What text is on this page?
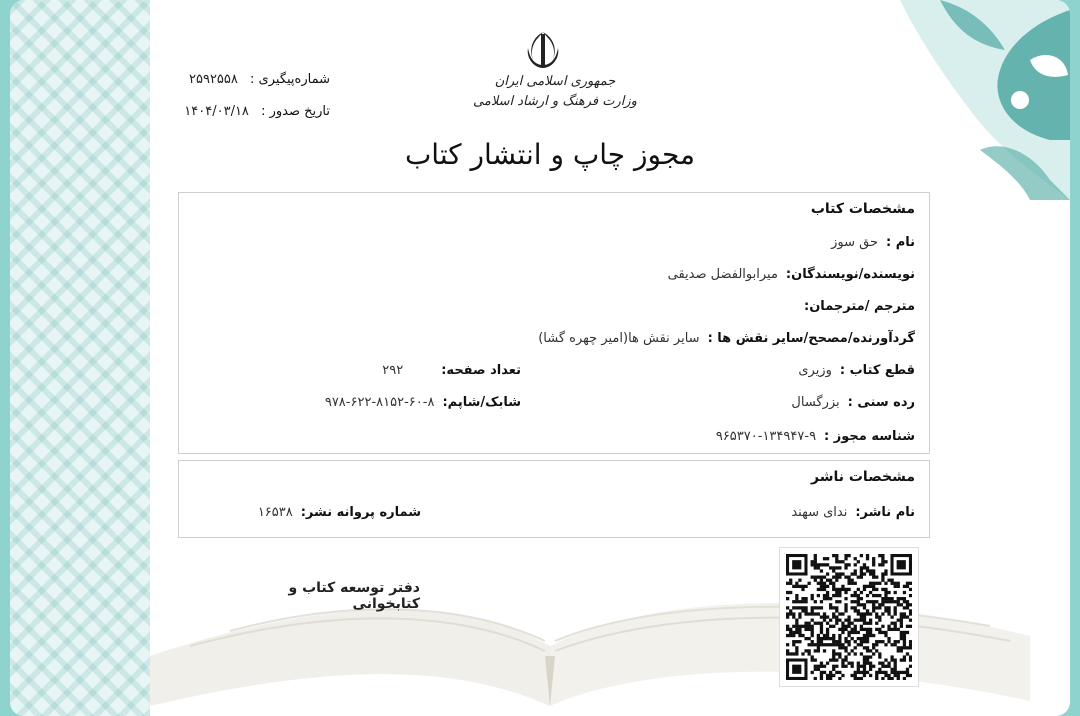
جمهوری اسلامی ایران
وزارت فرهنگ و ارشاد اسلامی
مجوز چاپ و انتشار کتاب
شماره‌پیگیری : ۲۵۹۲۵۵۸
تاریخ صدور : ۱۴۰۴/۰۳/۱۸
مشخصات کتاب
نام :حق سوز
نویسنده/نویسندگان:میرابوالفضل صدیقی
مترجم /مترجمان:
گردآورنده/مصحح/سایر نقش ها :سایر نقش ها(امیر چهره گشا)
قطع کتاب :وزیری
تعداد صفحه:۲۹۲
رده سنی :بزرگسال
شابک/شاپم:۸-۶۰-۸۱۵۲-۶۲۲-۹۷۸
شناسه مجوز :۹-۱۳۴۹۴۷-۹۶۵۳۷۰
مشخصات ناشر
نام ناشر:ندای سهند
شماره پروانه نشر:۱۶۵۳۸
دفتر توسعه کتاب و کتابخوانی
